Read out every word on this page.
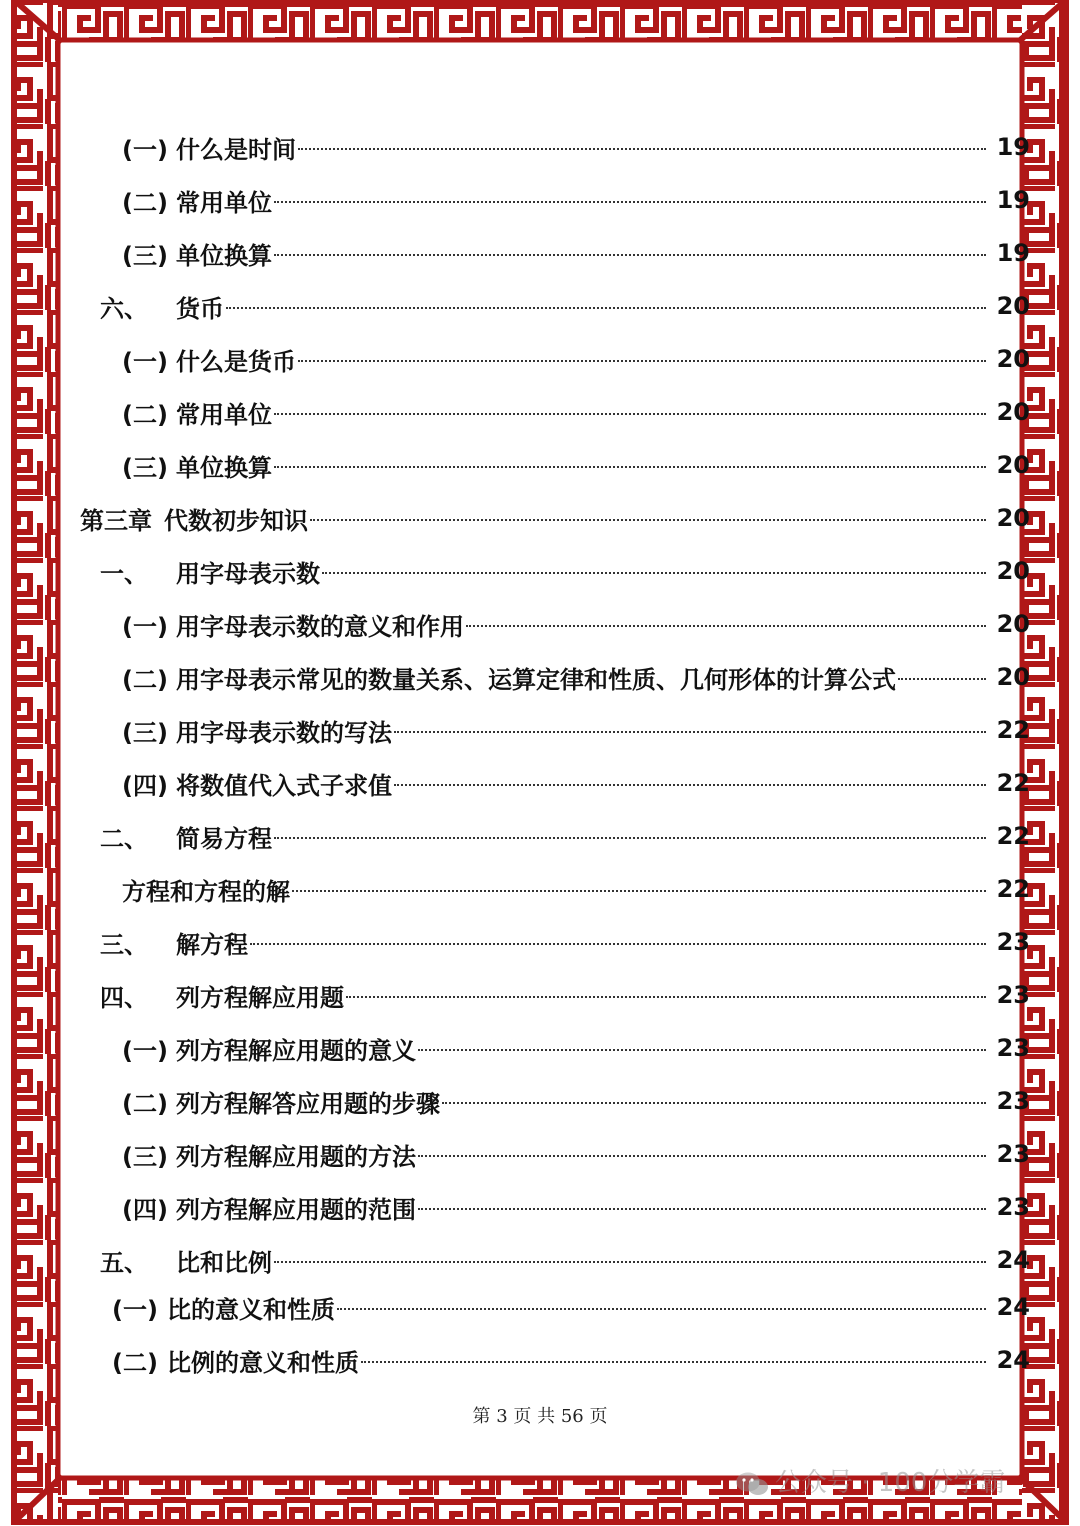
(一) 什么是时间	19
(二) 常用单位	19
(三) 单位换算	19
六、 货币	20
(一) 什么是货币	20
(二) 常用单位	20
(三) 单位换算	20
第三章 代数初步知识	20
一、 用字母表示数	20
(一) 用字母表示数的意义和作用	20
(二) 用字母表示常见的数量关系、运算定律和性质、几何形体的计算公式	20
(三) 用字母表示数的写法	22
(四) 将数值代入式子求值	22
二、 简易方程	22
方程和方程的解	22
三、 解方程	23
四、 列方程解应用题	23
(一) 列方程解应用题的意义	23
(二) 列方程解答应用题的步骤	23
(三) 列方程解应用题的方法	23
(四) 列方程解应用题的范围	23
五、 比和比例	24
(一) 比的意义和性质	24
(二) 比例的意义和性质	24
第 3 页 共 56 页
公众号 · 100分学霸
